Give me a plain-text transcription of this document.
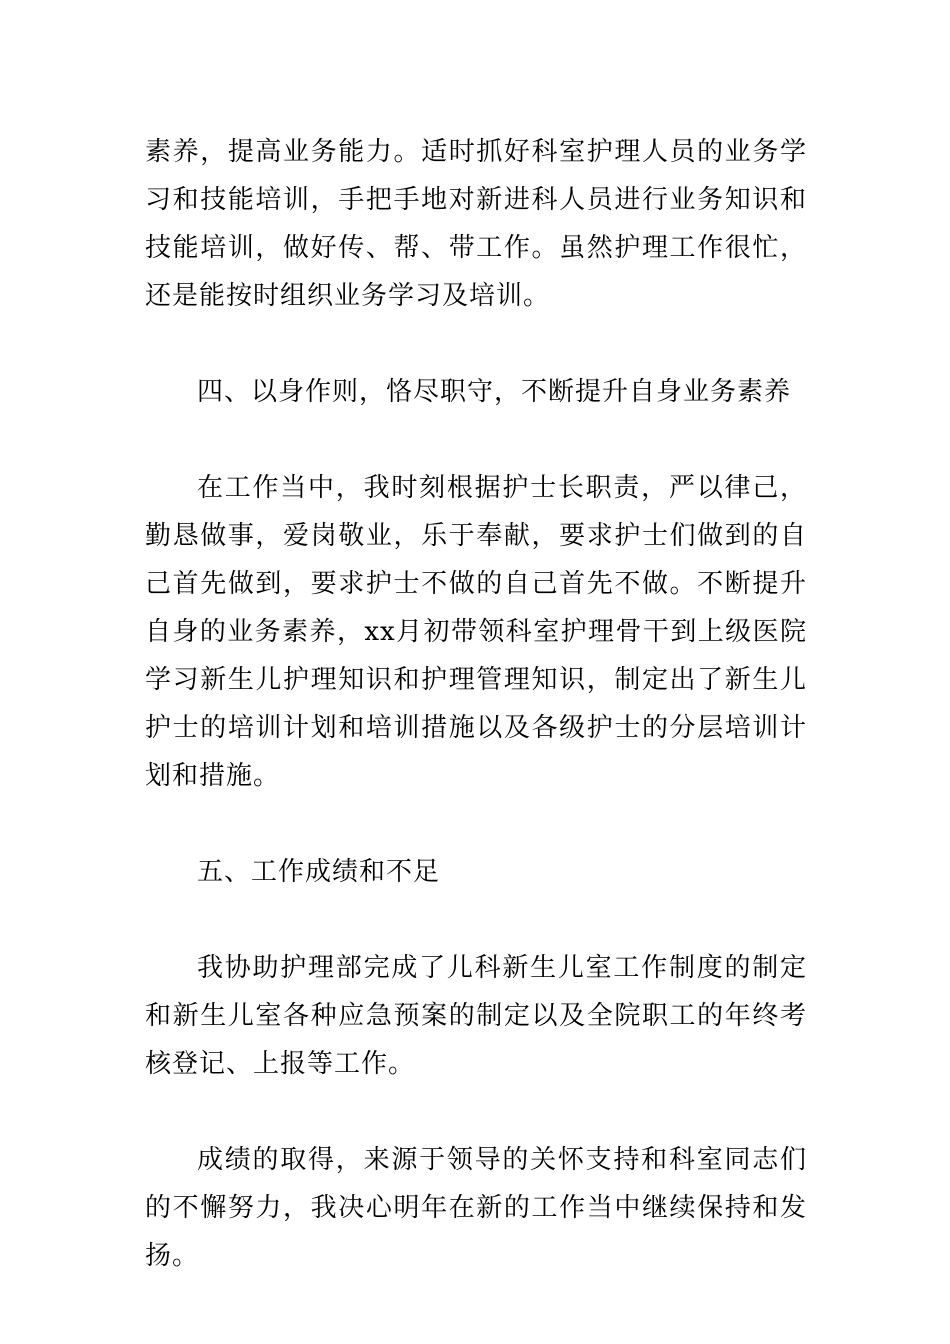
素养，提高业务能力。适时抓好科室护理人员的业务学习和技能培训，手把手地对新进科人员进行业务知识和技能培训，做好传、帮、带工作。虽然护理工作很忙，还是能按时组织业务学习及培训。

四、以身作则，恪尽职守，不断提升自身业务素养

在工作当中，我时刻根据护士长职责，严以律己，勤恳做事，爱岗敬业，乐于奉献，要求护士们做到的自己首先做到，要求护士不做的自己首先不做。不断提升自身的业务素养，xx月初带领科室护理骨干到上级医院学习新生儿护理知识和护理管理知识，制定出了新生儿护士的培训计划和培训措施以及各级护士的分层培训计划和措施。

五、工作成绩和不足

我协助护理部完成了儿科新生儿室工作制度的制定和新生儿室各种应急预案的制定以及全院职工的年终考核登记、上报等工作。

成绩的取得，来源于领导的关怀支持和科室同志们的不懈努力，我决心明年在新的工作当中继续保持和发扬。
